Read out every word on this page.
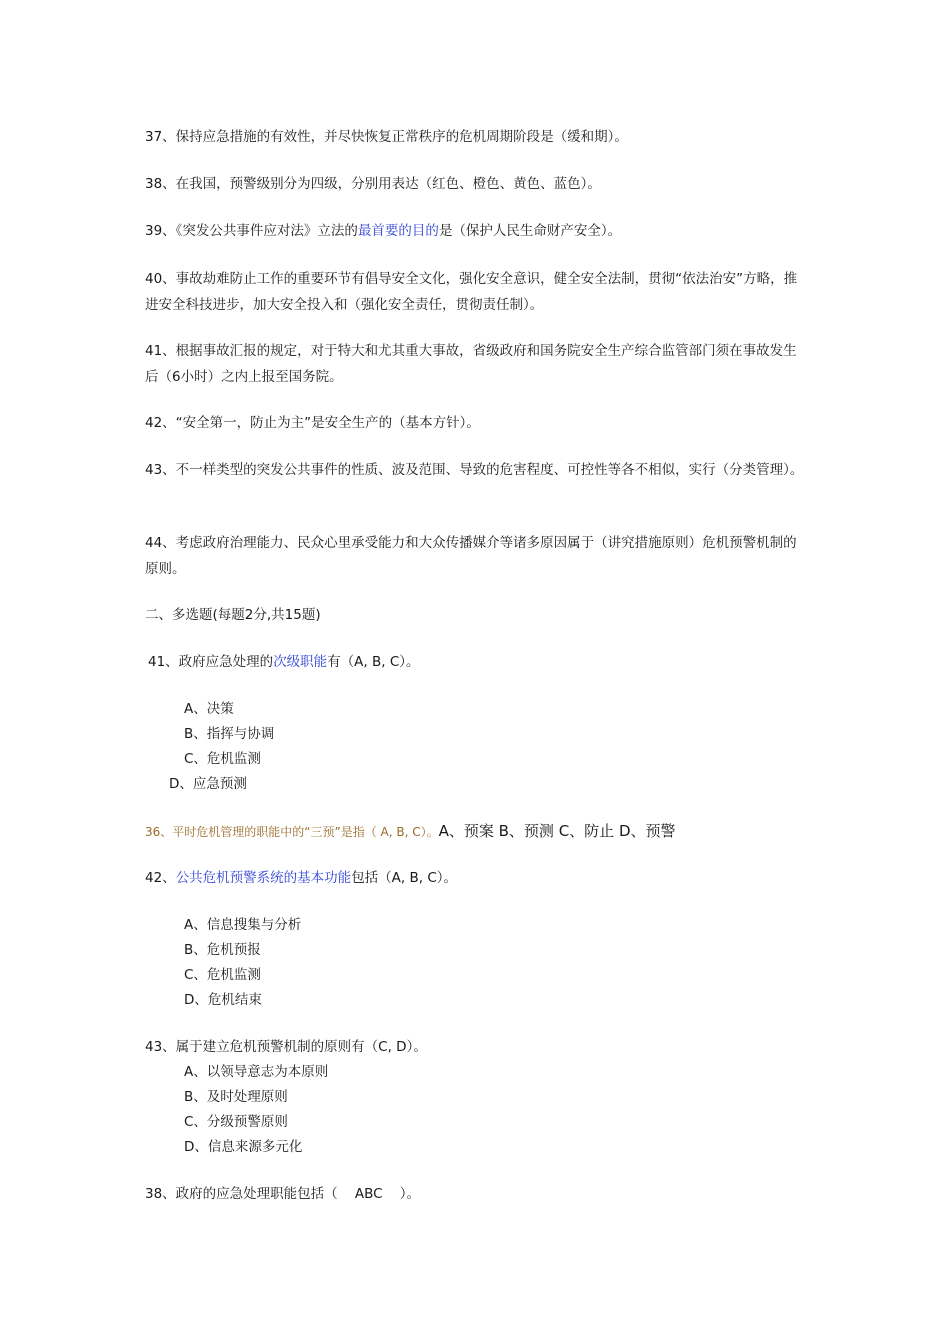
37、保持应急措施的有效性，并尽快恢复正常秩序的危机周期阶段是（缓和期）。
38、在我国，预警级别分为四级，分别用表达（红色、橙色、黄色、蓝色）。
39、《突发公共事件应对法》立法的最首要的目的是（保护人民生命财产安全）。
40、事故劫难防止工作的重要环节有倡导安全文化，强化安全意识，健全安全法制，贯彻“依法治安”方略，推进安全科技进步，加大安全投入和（强化安全责任，贯彻责任制）。
41、根据事故汇报的规定，对于特大和尤其重大事故，省级政府和国务院安全生产综合监管部门须在事故发生后（6小时）之内上报至国务院。
42、“安全第一，防止为主”是安全生产的（基本方针）。
43、不一样类型的突发公共事件的性质、波及范围、导致的危害程度、可控性等各不相似，实行（分类管理）。
44、考虑政府治理能力、民众心里承受能力和大众传播媒介等诸多原因属于（讲究措施原则）危机预警机制的原则。
二、多选题(每题2分,共15题)
41、政府应急处理的次级职能有（A, B, C）。
A、决策
B、指挥与协调
C、危机监测
D、应急预测
36、平时危机管理的职能中的“三预”是指（ A, B, C）。A、预案 B、预测 C、防止 D、预警
42、公共危机预警系统的基本功能包括（A, B, C）。
A、信息搜集与分析
B、危机预报
C、危机监测
D、危机结束
43、属于建立危机预警机制的原则有（C, D）。
A、以领导意志为本原则
B、及时处理原则
C、分级预警原则
D、信息来源多元化
38、政府的应急处理职能包括（    ABC    ）。
